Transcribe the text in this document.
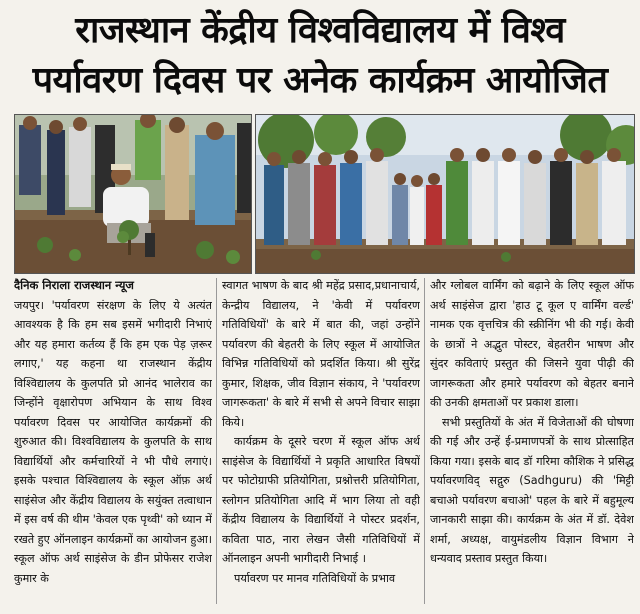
राजस्थान केंद्रीय विश्वविद्यालय में विश्व
पर्यावरण दिवस पर अनेक कार्यक्रम आयोजित
दैनिक निराला राजस्थान न्यूज

जयपुर। 'पर्यावरण संरक्षण के लिए ये अत्यंत आवश्यक है कि हम सब इसमें भगीदारी निभाएं और यह हमारा कर्तव्य हैं कि हम एक पेड़ ज़रूर लगाए,' यह कहना था राजस्थान केंद्रीय विश्विद्यालय के कुलपति प्रो आनंद भालेराव का जिन्होंने वृक्षारोपण अभियान के साथ विश्व पर्यावरण दिवस पर आयोजित कार्यक्रमों की शुरुआत की। विश्वविद्यालय के कुलपति के साथ विद्यार्थियों और कर्मचारियों ने भी पौधे लगाएं। इसके पश्चात विश्विद्यालय के स्कूल ऑफ़ अर्थ साइंसेज और केंद्रीय विद्यालय के सयुंक्त तत्वाधान में इस वर्ष की थीम 'केवल एक पृथ्वी' को ध्यान में रखते हुए ऑनलाइन कार्यक्रमों का आयोजन हुआ। स्कूल ऑफ अर्थ साइंसेज के डीन प्रोफेसर राजेश कुमार के

स्वागत भाषण के बाद श्री महेंद्र प्रसाद,प्रधानाचार्य, केन्द्रीय विद्यालय, ने 'केवी में पर्यावरण गतिविधियों' के बारे में बात की, जहां उन्होंने पर्यावरण की बेहतरी के लिए स्कूल में आयोजित विभिन्न गतिविधियों को प्रदर्शित किया। श्री सुरेंद्र कुमार, शिक्षक, जीव विज्ञान संकाय, ने 'पर्यावरण जागरूकता' के बारे में सभी से अपने विचार साझा किये।

कार्यक्रम के दूसरे चरण में स्कूल ऑफ अर्थ साइंसेज के विद्यार्थियों ने प्रकृति आधारित विषयों पर फोटोग्राफी प्रतियोगिता, प्रश्नोत्तरी प्रतियोगिता, स्लोगन प्रतियोगिता आदि में भाग लिया तो वही केंद्रीय विद्यालय के विद्यार्थियों ने पोस्टर प्रदर्शन, कविता पाठ, नारा लेखन जैसी गतिविधियों में ऑनलाइन अपनी भागीदारी निभाई ।

पर्यावरण पर मानव गतिविधियों के प्रभाव

और ग्लोबल वार्मिंग को बढ़ाने के लिए स्कूल ऑफ अर्थ साइंसेज द्वारा 'हाउ टू कूल ए वार्मिंग वर्ल्ड' नामक एक वृत्तचित्र की स्क्रीनिंग भी की गई। केवी के छात्रों ने अद्भुत पोस्टर, बेहतरीन भाषण और सुंदर कविताएं प्रस्तुत की जिसने युवा पीढ़ी की जागरूकता और हमारे पर्यावरण को बेहतर बनाने की उनकी क्षमताओं पर प्रकाश डाला।

सभी प्रस्तुतियों के अंत में विजेताओं की घोषणा की गई और उन्हें ई-प्रमाणपत्रों के साथ प्रोत्साहित किया गया। इसके बाद डॉ गरिमा कौशिक ने प्रसिद्ध पर्यावरणविद् सद्गुरु (Sadhguru) की 'मिट्टी बचाओ पर्यावरण बचाओ' पहल के बारे में बहुमूल्य जानकारी साझा की। कार्यक्रम के अंत में डॉ. देवेश शर्मा, अध्यक्ष, वायुमंडलीय विज्ञान विभाग ने धन्यवाद प्रस्ताव प्रस्तुत किया।
